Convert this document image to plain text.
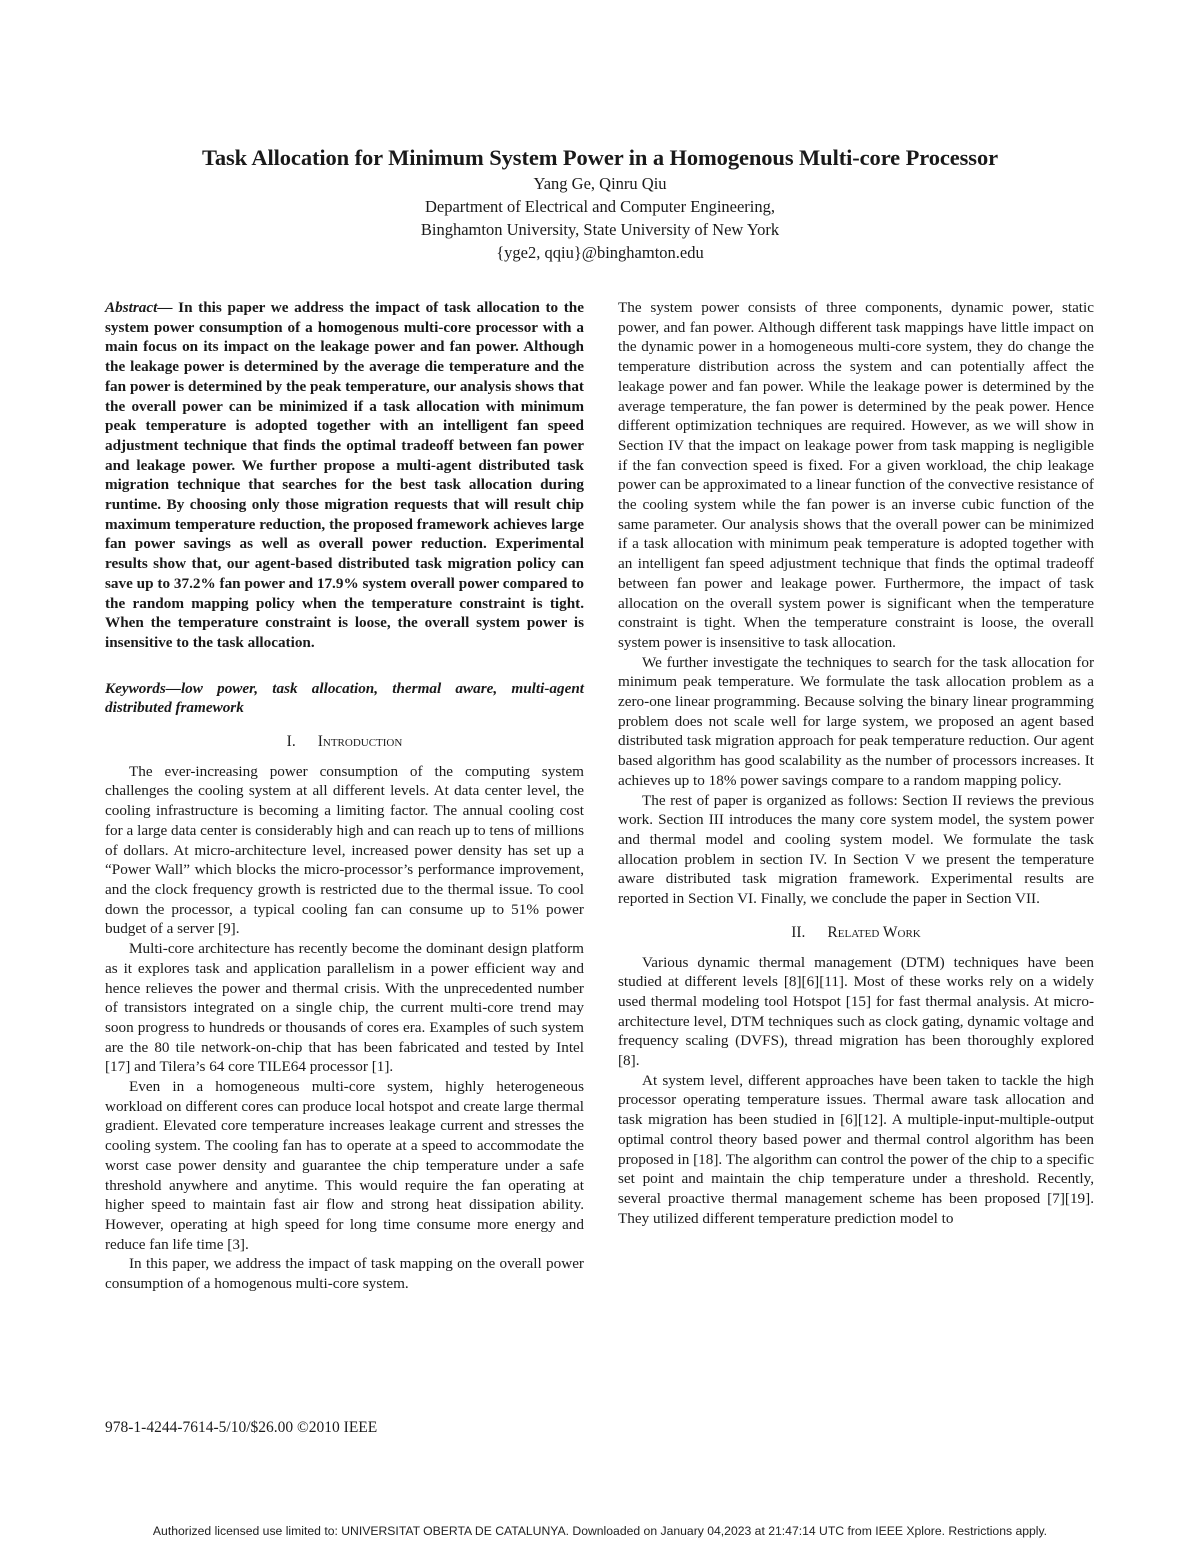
Task Allocation for Minimum System Power in a Homogenous Multi-core Processor
Yang Ge, Qinru Qiu
Department of Electrical and Computer Engineering,
Binghamton University, State University of New York
{yge2, qqiu}@binghamton.edu

Abstract— In this paper we address the impact of task allocation to the system power consumption of a homogenous multi-core processor with a main focus on its impact on the leakage power and fan power. Although the leakage power is determined by the average die temperature and the fan power is determined by the peak temperature, our analysis shows that the overall power can be minimized if a task allocation with minimum peak temperature is adopted together with an intelligent fan speed adjustment technique that finds the optimal tradeoff between fan power and leakage power. We further propose a multi-agent distributed task migration technique that searches for the best task allocation during runtime. By choosing only those migration requests that will result chip maximum temperature reduction, the proposed framework achieves large fan power savings as well as overall power reduction. Experimental results show that, our agent-based distributed task migration policy can save up to 37.2% fan power and 17.9% system overall power compared to the random mapping policy when the temperature constraint is tight. When the temperature constraint is loose, the overall system power is insensitive to the task allocation.

Keywords—low power, task allocation, thermal aware, multi-agent distributed framework

I. Introduction

The ever-increasing power consumption of the computing system challenges the cooling system at all different levels. At data center level, the cooling infrastructure is becoming a limiting factor. The annual cooling cost for a large data center is considerably high and can reach up to tens of millions of dollars. At micro-architecture level, increased power density has set up a “Power Wall” which blocks the micro-processor’s performance improvement, and the clock frequency growth is restricted due to the thermal issue. To cool down the processor, a typical cooling fan can consume up to 51% power budget of a server [9].

Multi-core architecture has recently become the dominant design platform as it explores task and application parallelism in a power efficient way and hence relieves the power and thermal crisis. With the unprecedented number of transistors integrated on a single chip, the current multi-core trend may soon progress to hundreds or thousands of cores era. Examples of such system are the 80 tile network-on-chip that has been fabricated and tested by Intel [17] and Tilera’s 64 core TILE64 processor [1].

Even in a homogeneous multi-core system, highly heterogeneous workload on different cores can produce local hotspot and create large thermal gradient. Elevated core temperature increases leakage current and stresses the cooling system. The cooling fan has to operate at a speed to accommodate the worst case power density and guarantee the chip temperature under a safe threshold anywhere and anytime. This would require the fan operating at higher speed to maintain fast air flow and strong heat dissipation ability. However, operating at high speed for long time consume more energy and reduce fan life time [3].

In this paper, we address the impact of task mapping on the overall power consumption of a homogenous multi-core system.

The system power consists of three components, dynamic power, static power, and fan power. Although different task mappings have little impact on the dynamic power in a homogeneous multi-core system, they do change the temperature distribution across the system and can potentially affect the leakage power and fan power. While the leakage power is determined by the average temperature, the fan power is determined by the peak power. Hence different optimization techniques are required. However, as we will show in Section IV that the impact on leakage power from task mapping is negligible if the fan convection speed is fixed. For a given workload, the chip leakage power can be approximated to a linear function of the convective resistance of the cooling system while the fan power is an inverse cubic function of the same parameter. Our analysis shows that the overall power can be minimized if a task allocation with minimum peak temperature is adopted together with an intelligent fan speed adjustment technique that finds the optimal tradeoff between fan power and leakage power. Furthermore, the impact of task allocation on the overall system power is significant when the temperature constraint is tight. When the temperature constraint is loose, the overall system power is insensitive to task allocation.

We further investigate the techniques to search for the task allocation for minimum peak temperature. We formulate the task allocation problem as a zero-one linear programming. Because solving the binary linear programming problem does not scale well for large system, we proposed an agent based distributed task migration approach for peak temperature reduction. Our agent based algorithm has good scalability as the number of processors increases. It achieves up to 18% power savings compare to a random mapping policy.

The rest of paper is organized as follows: Section II reviews the previous work. Section III introduces the many core system model, the system power and thermal model and cooling system model. We formulate the task allocation problem in section IV. In Section V we present the temperature aware distributed task migration framework. Experimental results are reported in Section VI. Finally, we conclude the paper in Section VII.

II. Related Work

Various dynamic thermal management (DTM) techniques have been studied at different levels [8][6][11]. Most of these works rely on a widely used thermal modeling tool Hotspot [15] for fast thermal analysis. At micro-architecture level, DTM techniques such as clock gating, dynamic voltage and frequency scaling (DVFS), thread migration has been thoroughly explored [8].

At system level, different approaches have been taken to tackle the high processor operating temperature issues. Thermal aware task allocation and task migration has been studied in [6][12]. A multiple-input-multiple-output optimal control theory based power and thermal control algorithm has been proposed in [18]. The algorithm can control the power of the chip to a specific set point and maintain the chip temperature under a threshold. Recently, several proactive thermal management scheme has been proposed [7][19]. They utilized different temperature prediction model to

978-1-4244-7614-5/10/$26.00 ©2010 IEEE
Authorized licensed use limited to: UNIVERSITAT OBERTA DE CATALUNYA. Downloaded on January 04,2023 at 21:47:14 UTC from IEEE Xplore. Restrictions apply.
